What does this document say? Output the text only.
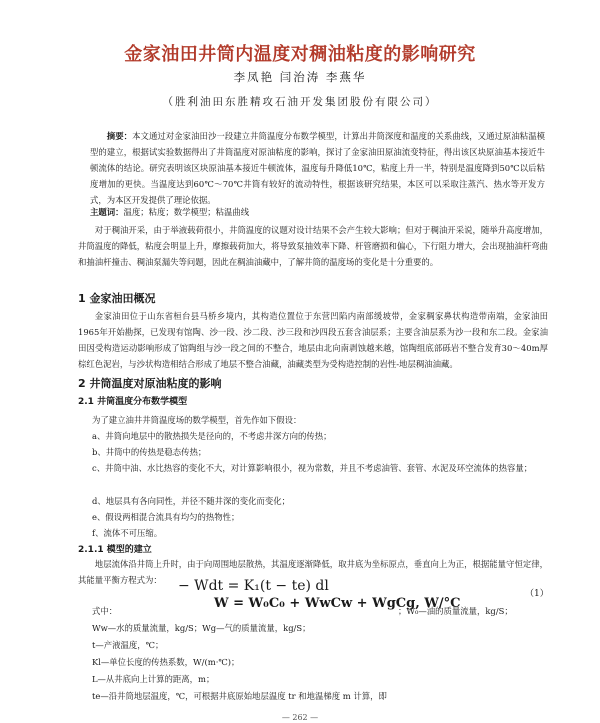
金家油田井筒内温度对稠油粘度的影响研究
李凤艳 闫治涛 李燕华
（胜利油田东胜精攻石油开发集团股份有限公司）
摘要：本文通过对金家油田沙一段建立井筒温度分布数学模型，计算出井筒深度和温度的关系曲线，又通过原油粘温模型的建立，根据试实验数据得出了井筒温度对原油粘度的影响，探讨了金家油田原油流变特征，得出该区块原油基本接近牛顿流体的结论。研究表明该区块原油基本接近牛顿流体，温度每升降低10℃，粘度上升一半，特别是温度降到50℃以后粘度增加的更快。当温度达到60℃～70℃井筒有较好的流动特性，根据该研究结果，本区可以采取注蒸汽、热水等开发方式，为本区开发提供了理论依据。
主题词：温度；粘度；数学模型；粘温曲线
对于稠油开采，由于举液载荷很小，井筒温度的议题对设计结果不会产生较大影响；但对于稠油开采说，随举升高度增加，井筒温度的降低，粘度会明显上升，摩擦载荷加大，将导致泵抽效率下降、杆管磨损和偏心，下行阻力增大，会出现抽油杆弯曲和抽油杆撞击、稠油泵漏失等问题，因此在稠油油藏中，了解井筒的温度场的变化是十分重要的。
1 金家油田概况
金家油田位于山东省桓台县马桥乡境内，其构造位置位于东营凹陷内南部缓坡带，金家稠家鼻状构造带南端，金家油田1965年开始勘探，已发现有馆陶、沙一段、沙二段、沙三段和沙四段五套含油层系；主要含油层系为沙一段和东二段。金家油田因受构造运动影响形成了馆陶组与沙一段之间的不整合，地层由北向南剥蚀越来越，馆陶组底部砾岩不整合发育30～40m厚棕红色泥岩，与沙状构造相结合形成了地层不整合油藏，油藏类型为受构造控制的岩性-地层稠油油藏。
2 井筒温度对原油粘度的影响
2.1 井筒温度分布数学模型
为了建立油井井筒温度场的数学模型，首先作如下假设：
a、井筒向地层中的散热损失是径向的，不考虑井深方向的传热；
b、井筒中的传热是稳态传热；
c、井筒中油、水比热容的变化不大，对计算影响很小，视为常数，并且不考虑油管、套管、水泥及环空流体的热容量；
d、地层具有各向同性，并径不随井深的变化而变化；
e、假设两相混合流具有均匀的热物性；
f、流体不可压缩。
2.1.1 模型的建立
地层流体沿井筒上升时，由于向周围地层散热，其温度逐渐降低，取井底为坐标原点，垂直向上为正，根据能量守恒定律，其能量平衡方程式为：	− Wdt = K₁(t − te) dl	（1）
式中：	W = W₀C₀ + WwCw + WgCg, W/°C
；W₀—油的质量流量，kg/S；
Ww—水的质量流量，kg/S；Wg—气的质量流量，kg/S；
t—产液温度，℃；
Kl—单位长度的传热系数，W/(m·℃)；
L—从井底向上计算的距离，m；
te—沿井筒地层温度，℃，可根据井底原始地层温度 tr 和地温梯度 m 计算，即
— 262 —
